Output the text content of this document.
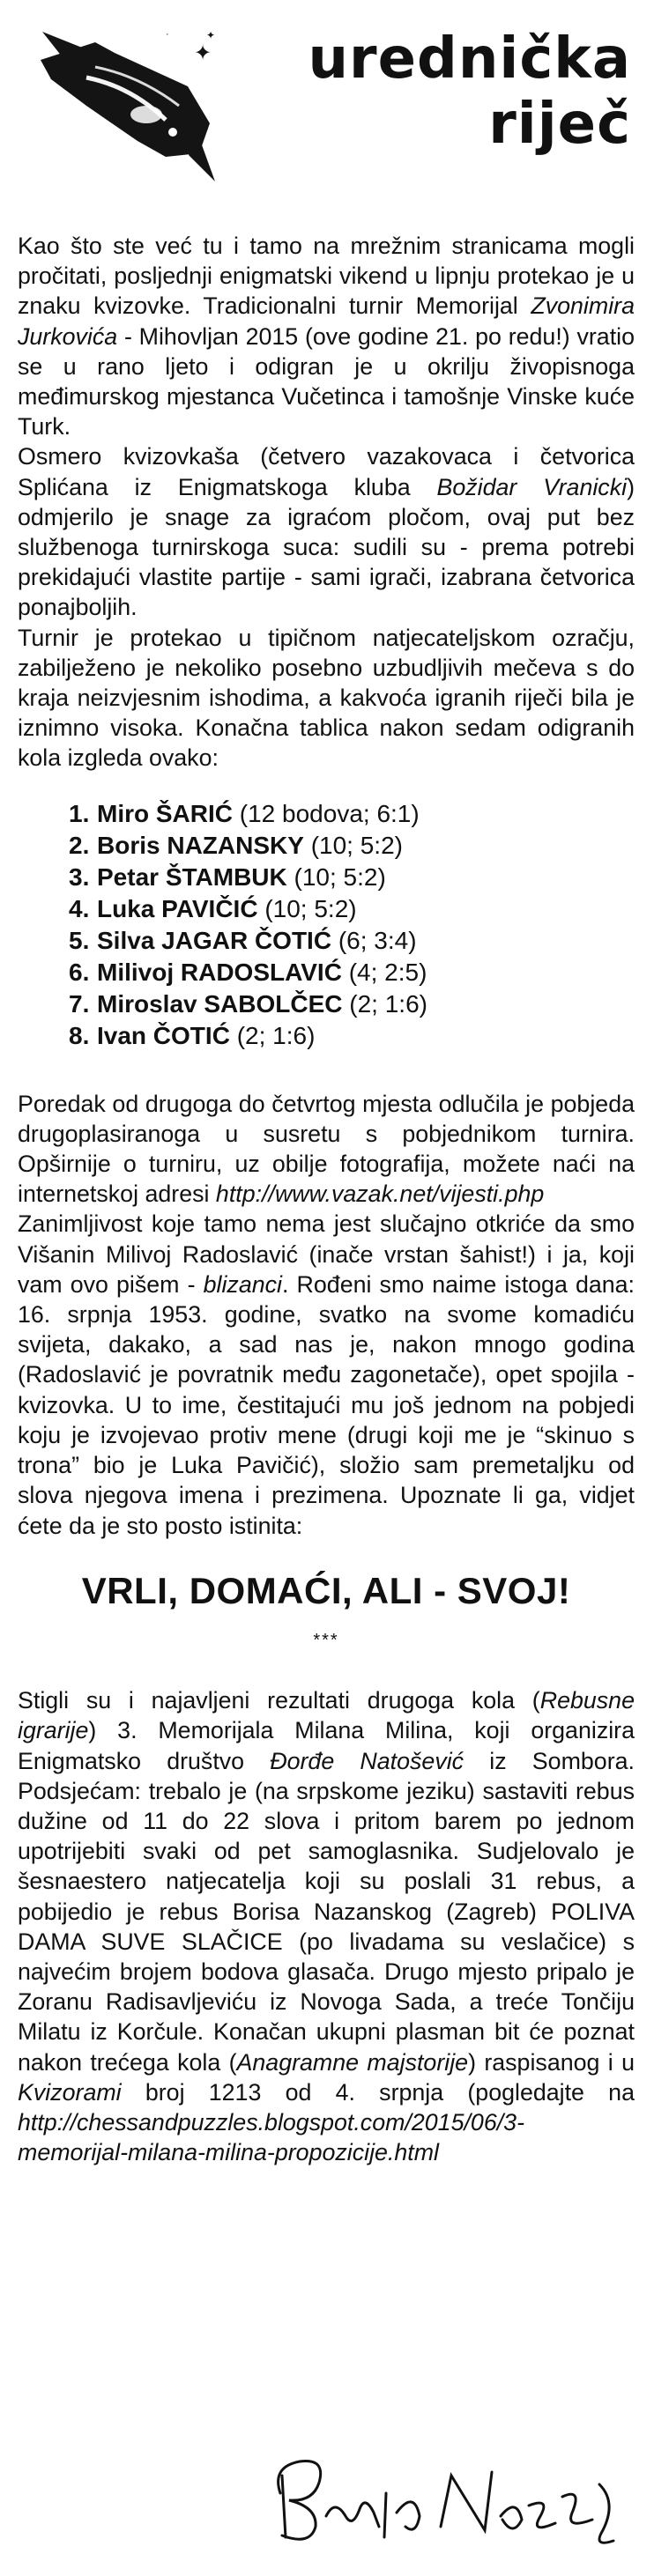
✦
✦
· urednička
riječ

Kao što ste već tu i tamo na mrežnim stranicama mogli pročitati, posljednji enigmatski vikend u lipnju protekao je u znaku kvizovke. Tradicionalni turnir Memorijal Zvonimira Jurkovića - Mihovljan 2015 (ove godine 21. po redu!) vratio se u rano ljeto i odigran je u okrilju živopisnoga međimurskog mjestanca Vučetinca i tamošnje Vinske kuće Turk.

Osmero kvizovkaša (četvero vazakovaca i četvorica Splićana iz Enigmatskoga kluba Božidar Vranicki) odmjerilo je snage za igraćom pločom, ovaj put bez službenoga turnirskoga suca: sudili su - prema potrebi prekidajući vlastite partije - sami igrači, izabrana četvorica ponajboljih.

Turnir je protekao u tipičnom natjecateljskom ozračju, zabilježeno je nekoliko posebno uzbudljivih mečeva s do kraja neizvjesnim ishodima, a kakvoća igranih riječi bila je iznimno visoka. Konačna tablica nakon sedam odigranih kola izgleda ovako:

1. Miro ŠARIĆ (12 bodova; 6:1)
2. Boris NAZANSKY (10; 5:2)
3. Petar ŠTAMBUK (10; 5:2)
4. Luka PAVIČIĆ (10; 5:2)
5. Silva JAGAR ČOTIĆ (6; 3:4)
6. Milivoj RADOSLAVIĆ (4; 2:5)
7. Miroslav SABOLČEC (2; 1:6)
8. Ivan ČOTIĆ (2; 1:6)

Poredak od drugoga do četvrtog mjesta odlučila je pobjeda drugoplasiranoga u susretu s pobjednikom turnira. Opširnije o turniru, uz obilje fotografija, možete naći na internetskoj adresi http://www.vazak.net/vijesti.php

Zanimljivost koje tamo nema jest slučajno otkriće da smo Višanin Milivoj Radoslavić (inače vrstan šahist!) i ja, koji vam ovo pišem - blizanci. Rođeni smo naime istoga dana: 16. srpnja 1953. godine, svatko na svome komadiću svijeta, dakako, a sad nas je, nakon mnogo godina (Radoslavić je povratnik među zagonetače), opet spojila - kvizovka. U to ime, čestitajući mu još jednom na pobjedi koju je izvojevao protiv mene (drugi koji me je “skinuo s trona” bio je Luka Pavičić), složio sam premetaljku od slova njegova imena i prezimena. Upoznate li ga, vidjet ćete da je sto posto istinita:

VRLI, DOMAĆI, ALI - SVOJ!
***

Stigli su i najavljeni rezultati drugoga kola (Rebusne igrarije) 3. Memorijala Milana Milina, koji organizira Enigmatsko društvo Đorđe Natošević iz Sombora. Podsjećam: trebalo je (na srpskome jeziku) sastaviti rebus dužine od 11 do 22 slova i pritom barem po jednom upotrijebiti svaki od pet samoglasnika. Sudjelovalo je šesnaestero natjecatelja koji su poslali 31 rebus, a pobijedio je rebus Borisa Nazanskog (Zagreb) POLIVA DAMA SUVE SLAČICE (po livadama su veslačice) s najvećim brojem bodova glasača. Drugo mjesto pripalo je Zoranu Radisavljeviću iz Novoga Sada, a treće Tončiju Milatu iz Korčule. Konačan ukupni plasman bit će poznat nakon trećega kola (Anagramne majstorije) raspisanog i u Kvizorami broj 1213 od 4. srpnja (pogledajte na http://chessandpuzzles.blogspot.com/2015/06/3-memorijal-milana-milina-propozicije.html
